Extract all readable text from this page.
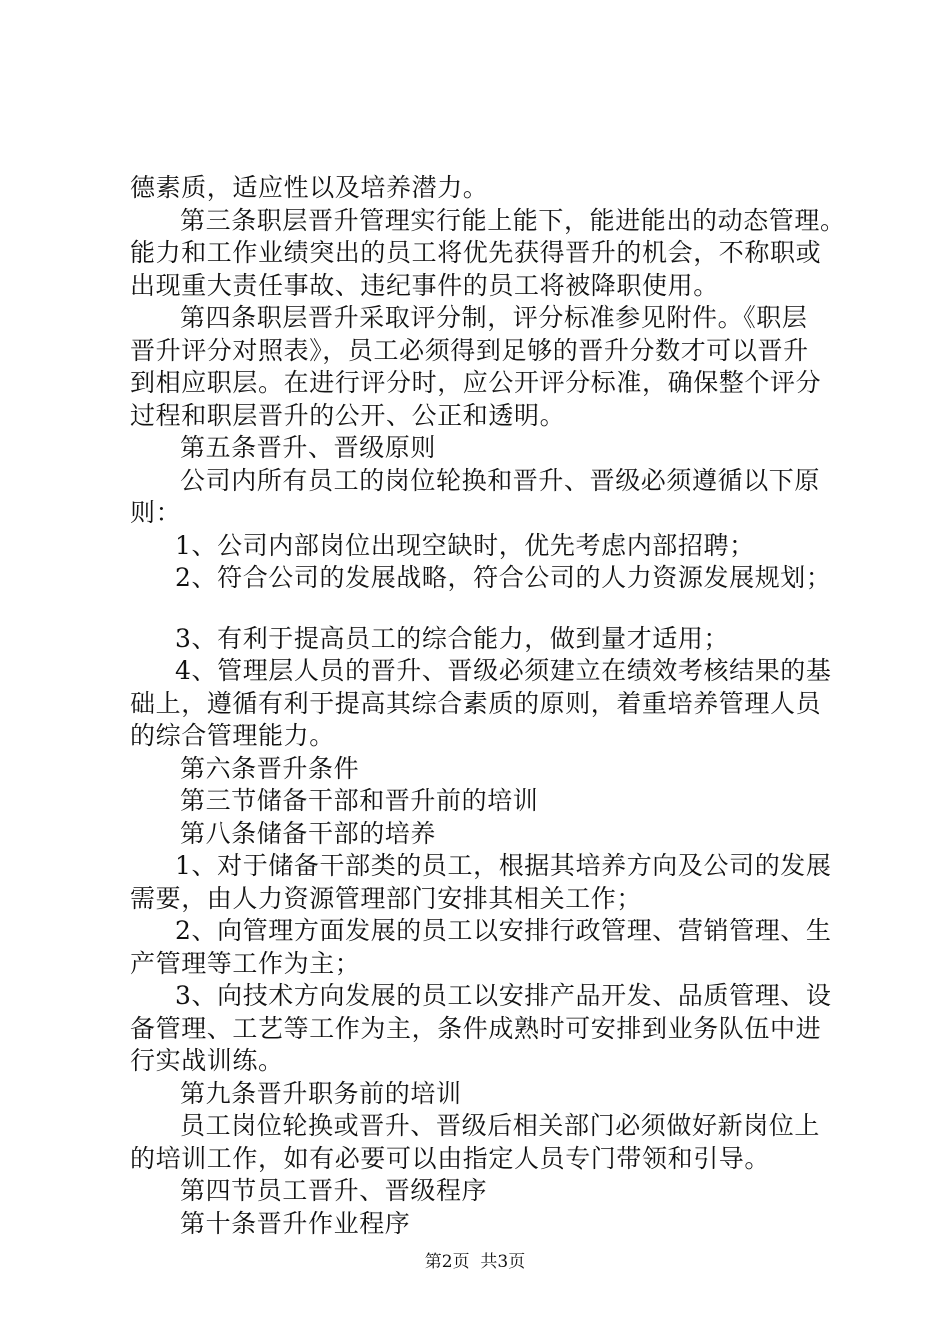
德素质，适应性以及培养潜力。
第三条职层晋升管理实行能上能下，能进能出的动态管理。
能力和工作业绩突出的员工将优先获得晋升的机会，不称职或
出现重大责任事故、违纪事件的员工将被降职使用。
第四条职层晋升采取评分制，评分标准参见附件。《职层
晋升评分对照表》，员工必须得到足够的晋升分数才可以晋升
到相应职层。在进行评分时，应公开评分标准，确保整个评分
过程和职层晋升的公开、公正和透明。
第五条晋升、晋级原则
公司内所有员工的岗位轮换和晋升、晋级必须遵循以下原
则：
1、公司内部岗位出现空缺时，优先考虑内部招聘；
2、符合公司的发展战略，符合公司的人力资源发展规划；
3、有利于提高员工的综合能力，做到量才适用；
4、管理层人员的晋升、晋级必须建立在绩效考核结果的基
础上，遵循有利于提高其综合素质的原则，着重培养管理人员
的综合管理能力。
第六条晋升条件
第三节储备干部和晋升前的培训
第八条储备干部的培养
1、对于储备干部类的员工，根据其培养方向及公司的发展
需要，由人力资源管理部门安排其相关工作；
2、向管理方面发展的员工以安排行政管理、营销管理、生
产管理等工作为主；
3、向技术方向发展的员工以安排产品开发、品质管理、设
备管理、工艺等工作为主，条件成熟时可安排到业务队伍中进
行实战训练。
第九条晋升职务前的培训
员工岗位轮换或晋升、晋级后相关部门必须做好新岗位上
的培训工作，如有必要可以由指定人员专门带领和引导。
第四节员工晋升、晋级程序
第十条晋升作业程序
第2页  共3页
